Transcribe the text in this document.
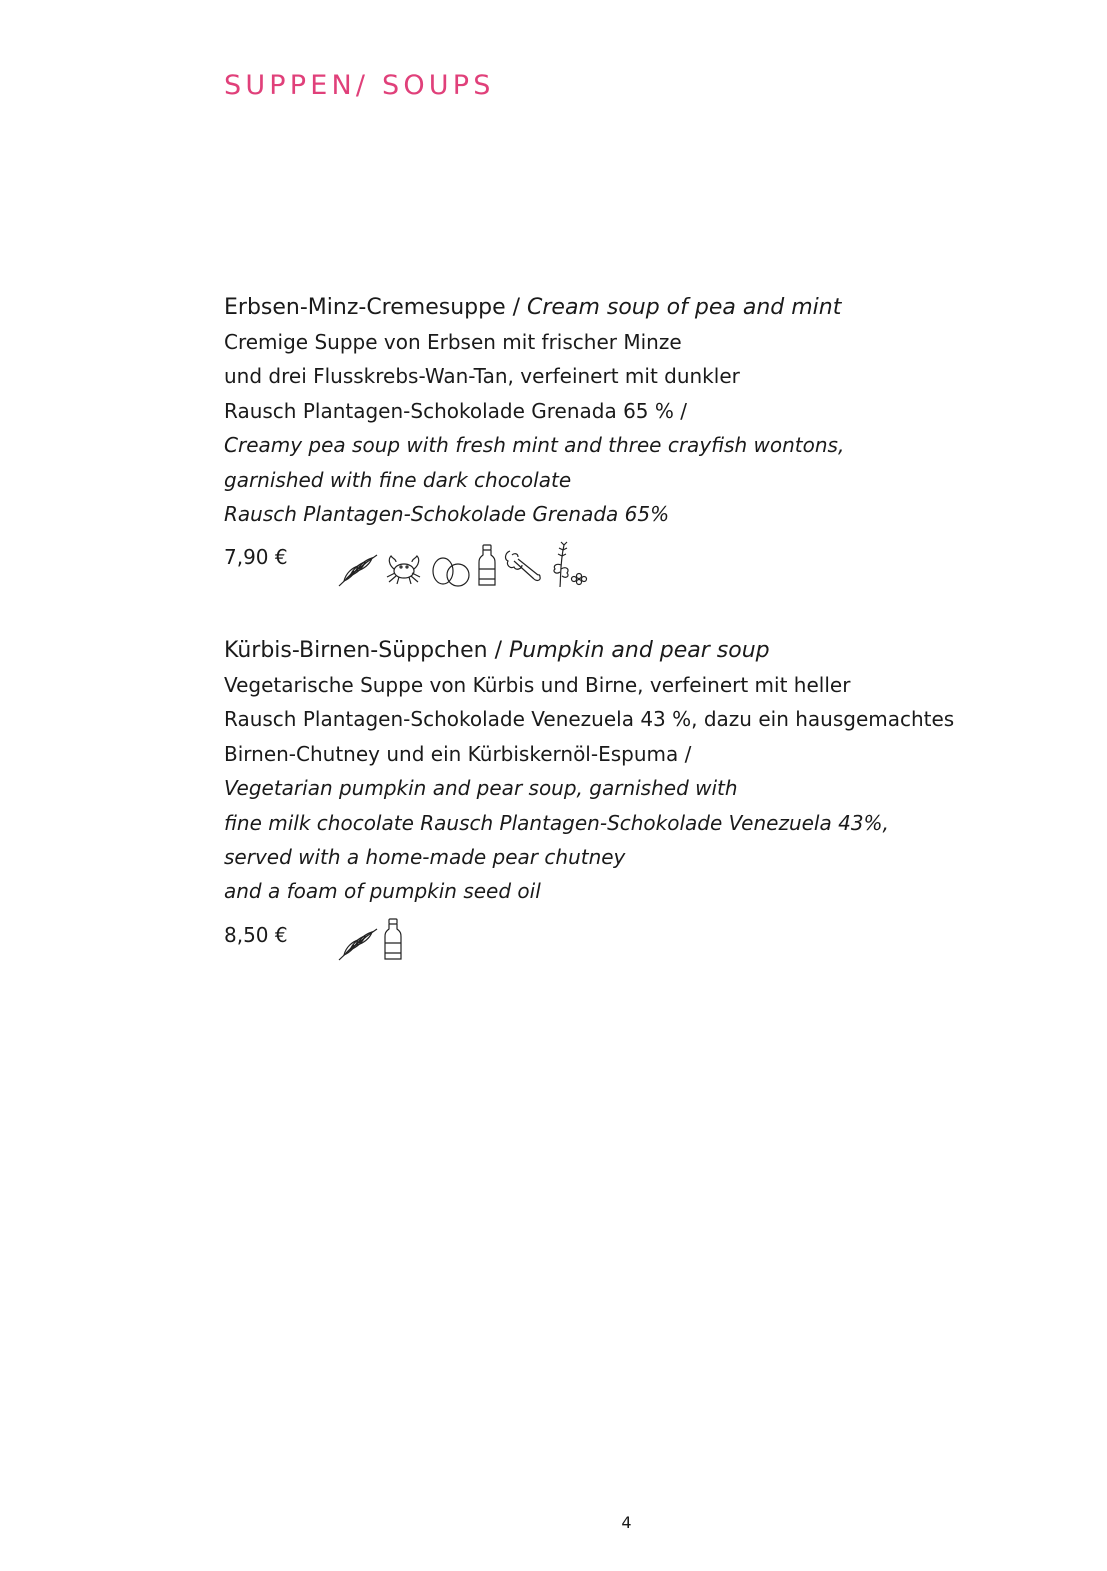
SUPPEN/ SOUPS

Erbsen-Minz-Cremesuppe / Cream soup of pea and mint

Cremige Suppe von Erbsen mit frischer Minze

und drei Flusskrebs-Wan-Tan, verfeinert mit dunkler

Rausch Plantagen-Schokolade Grenada 65 % /

Creamy pea soup with fresh mint and three crayfish wontons,

garnished with fine dark chocolate

Rausch Plantagen-Schokolade Grenada 65%

7,90 €

Kürbis-Birnen-Süppchen / Pumpkin and pear soup

Vegetarische Suppe von Kürbis und Birne, verfeinert mit heller

Rausch Plantagen-Schokolade Venezuela 43 %, dazu ein hausgemachtes

Birnen-Chutney und ein Kürbiskernöl-Espuma /

Vegetarian pumpkin and pear soup, garnished with

fine milk chocolate Rausch Plantagen-Schokolade Venezuela 43%,

served with a home-made pear chutney

and a foam of pumpkin seed oil

8,50 €
4
